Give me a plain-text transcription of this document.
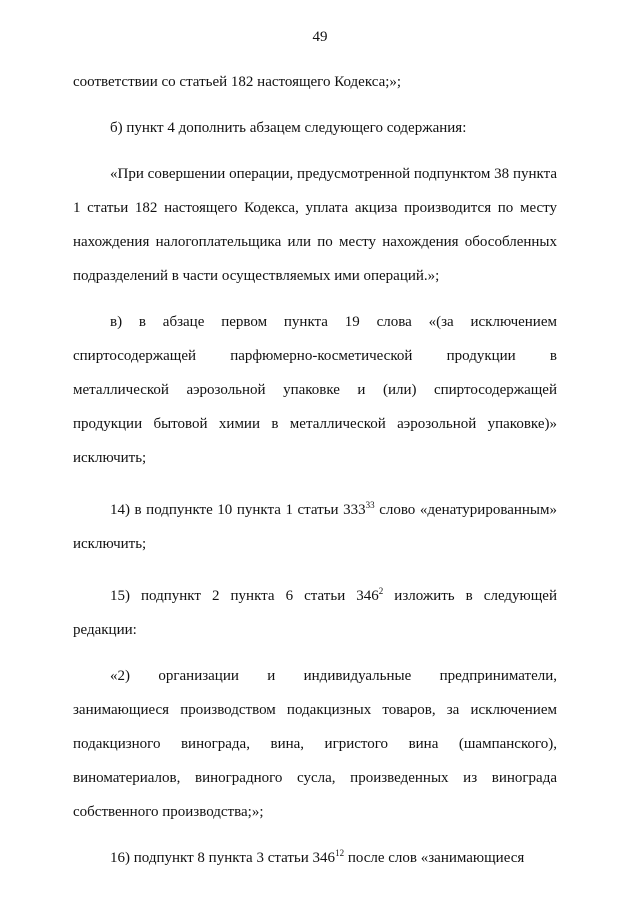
49

соответствии со статьей 182 настоящего Кодекса;»;

б) пункт 4 дополнить абзацем следующего содержания:

«При совершении операции, предусмотренной подпунктом 38 пункта 1 статьи 182 настоящего Кодекса, уплата акциза производится по месту нахождения налогоплательщика или по месту нахождения обособленных подразделений в части осуществляемых ими операций.»;

в) в абзаце первом пункта 19 слова «(за исключением спиртосодержащей парфюмерно-косметической продукции в металлической аэрозольной упаковке и (или) спиртосодержащей продукции бытовой химии в металлической аэрозольной упаковке)» исключить;

14) в подпункте 10 пункта 1 статьи $333^{33}$ слово «денатурированным» исключить;

15) подпункт 2 пункта 6 статьи $346^2$ изложить в следующей редакции:

«2) организации и индивидуальные предприниматели, занимающиеся производством подакцизных товаров, за исключением подакцизного винограда, вина, игристого вина (шампанского), виноматериалов, виноградного сусла, произведенных из винограда собственного производства;»;

16) подпункт 8 пункта 3 статьи $346^{12}$ после слов «занимающиеся
